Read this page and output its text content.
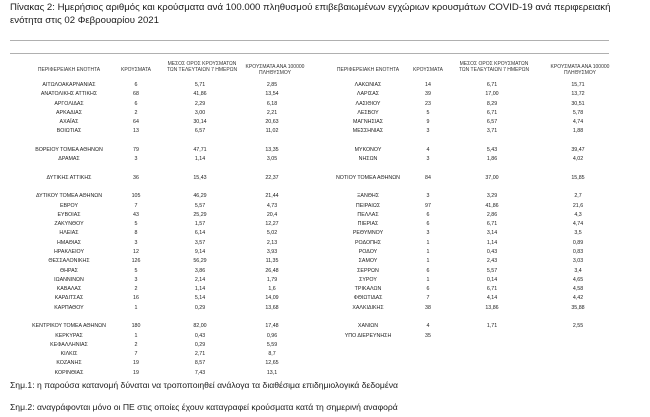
Πίνακας 2: Ημερήσιος αριθμός και κρούσματα ανά 100.000 πληθυσμού επιβεβαιωμένων εγχώριων κρουσμάτων COVID-19 ανά περιφερειακή ενότητα στις 02 Φεβρουαρίου 2021
ΠΕΡΙΦΕΡΕΙΑΚΗ ΕΝΟΤΗΤΑ	ΚΡΟΥΣΜΑΤΑ
ΜΕΣΟΣ ΟΡΟΣ ΚΡΟΥΣΜΑΤΩΝ
ΤΩΝ ΤΕΛΕΥΤΑΙΩΝ 7 ΗΜΕΡΩΝ	ΚΡΟΥΣΜΑΤΑ ΑΝΑ 100000
ΠΛΗΘΥΣΜΟΥ
ΑΙΤΩΛΟΑΚΑΡΝΑΝΙΑΣ	6	5,71	2,85
ΑΝΑΤΟΛΙΚΗΣ ΑΤΤΙΚΗΣ	68	41,86	13,54
ΑΡΓΟΛΙΔΑΣ	6	2,29	6,18
ΑΡΚΑΔΙΑΣ	2	3,00	2,21
ΑΧΑΪΑΣ	64	30,14	20,63
ΒΟΙΩΤΙΑΣ	13	6,57	11,02
ΒΟΡΕΙΟΥ ΤΟΜΕΑ ΑΘΗΝΩΝ	79	47,71	13,35
ΔΡΑΜΑΣ	3	1,14	3,05
ΔΥΤΙΚΗΣ ΑΤΤΙΚΗΣ	36	15,43	22,37
ΔΥΤΙΚΟΥ ΤΟΜΕΑ ΑΘΗΝΩΝ	105	46,29	21,44
ΕΒΡΟΥ	7	5,57	4,73
ΕΥΒΟΙΑΣ	43	25,29	20,4
ΖΑΚΥΝΘΟΥ	5	1,57	12,27
ΗΛΕΙΑΣ	8	6,14	5,02
ΗΜΑΘΙΑΣ	3	3,57	2,13
ΗΡΑΚΛΕΙΟΥ	12	9,14	3,93
ΘΕΣΣΑΛΟΝΙΚΗΣ	126	56,29	11,35
ΘΗΡΑΣ	5	3,86	26,48
ΙΩΑΝΝΙΝΩΝ	3	2,14	1,79
ΚΑΒΑΛΑΣ	2	1,14	1,6
ΚΑΡΔΙΤΣΑΣ	16	5,14	14,09
ΚΑΡΠΑΘΟΥ	1	0,29	13,68
ΚΕΝΤΡΙΚΟΥ ΤΟΜΕΑ ΑΘΗΝΩΝ	180	82,00	17,48
ΚΕΡΚΥΡΑΣ	1	0,43	0,96
ΚΕΦΑΛΛΗΝΙΑΣ	2	0,29	5,59
ΚΙΛΚΙΣ	7	2,71	8,7
ΚΟΖΑΝΗΣ	19	8,57	12,65
ΚΟΡΙΝΘΙΑΣ	19	7,43	13,1
ΠΕΡΙΦΕΡΕΙΑΚΗ ΕΝΟΤΗΤΑ	ΚΡΟΥΣΜΑΤΑ
ΜΕΣΟΣ ΟΡΟΣ ΚΡΟΥΣΜΑΤΩΝ
ΤΩΝ ΤΕΛΕΥΤΑΙΩΝ 7 ΗΜΕΡΩΝ	ΚΡΟΥΣΜΑΤΑ ΑΝΑ 100000
ΠΛΗΘΥΣΜΟΥ
ΛΑΚΩΝΙΑΣ	14	6,71	15,71
ΛΑΡΙΣΑΣ	39	17,00	13,72
ΛΑΣΙΘΙΟΥ	23	8,29	30,51
ΛΕΣΒΟΥ	5	6,71	5,78
ΜΑΓΝΗΣΙΑΣ	9	6,57	4,74
ΜΕΣΣΗΝΙΑΣ	3	3,71	1,88
ΜΥΚΟΝΟΥ	4	5,43	39,47
ΝΗΣΩΝ	3	1,86	4,02
ΝΟΤΙΟΥ ΤΟΜΕΑ ΑΘΗΝΩΝ	84	37,00	15,85
ΞΑΝΘΗΣ	3	3,29	2,7
ΠΕΙΡΑΙΩΣ	97	41,86	21,6
ΠΕΛΛΑΣ	6	2,86	4,3
ΠΙΕΡΙΑΣ	6	6,71	4,74
ΡΕΘΥΜΝΟΥ	3	3,14	3,5
ΡΟΔΟΠΗΣ	1	1,14	0,89
ΡΟΔΟΥ	1	0,43	0,83
ΣΑΜΟΥ	1	2,43	3,03
ΣΕΡΡΩΝ	6	5,57	3,4
ΣΥΡΟΥ	1	0,14	4,65
ΤΡΙΚΑΛΩΝ	6	6,71	4,58
ΦΘΙΩΤΙΔΑΣ	7	4,14	4,42
ΧΑΛΚΙΔΙΚΗΣ	38	13,86	35,88
ΧΑΝΙΩΝ	4	1,71	2,55
ΥΠΟ ΔΙΕΡΕΥΝΗΣΗ	35
Σημ.1: η παρούσα κατανομή δύναται να τροποποιηθεί ανάλογα τα διαθέσιμα επιδημιολογικά δεδομένα
Σημ.2: αναγράφονται μόνο οι ΠΕ στις οποίες έχουν καταγραφεί κρούσματα κατά τη σημερινή αναφορά
